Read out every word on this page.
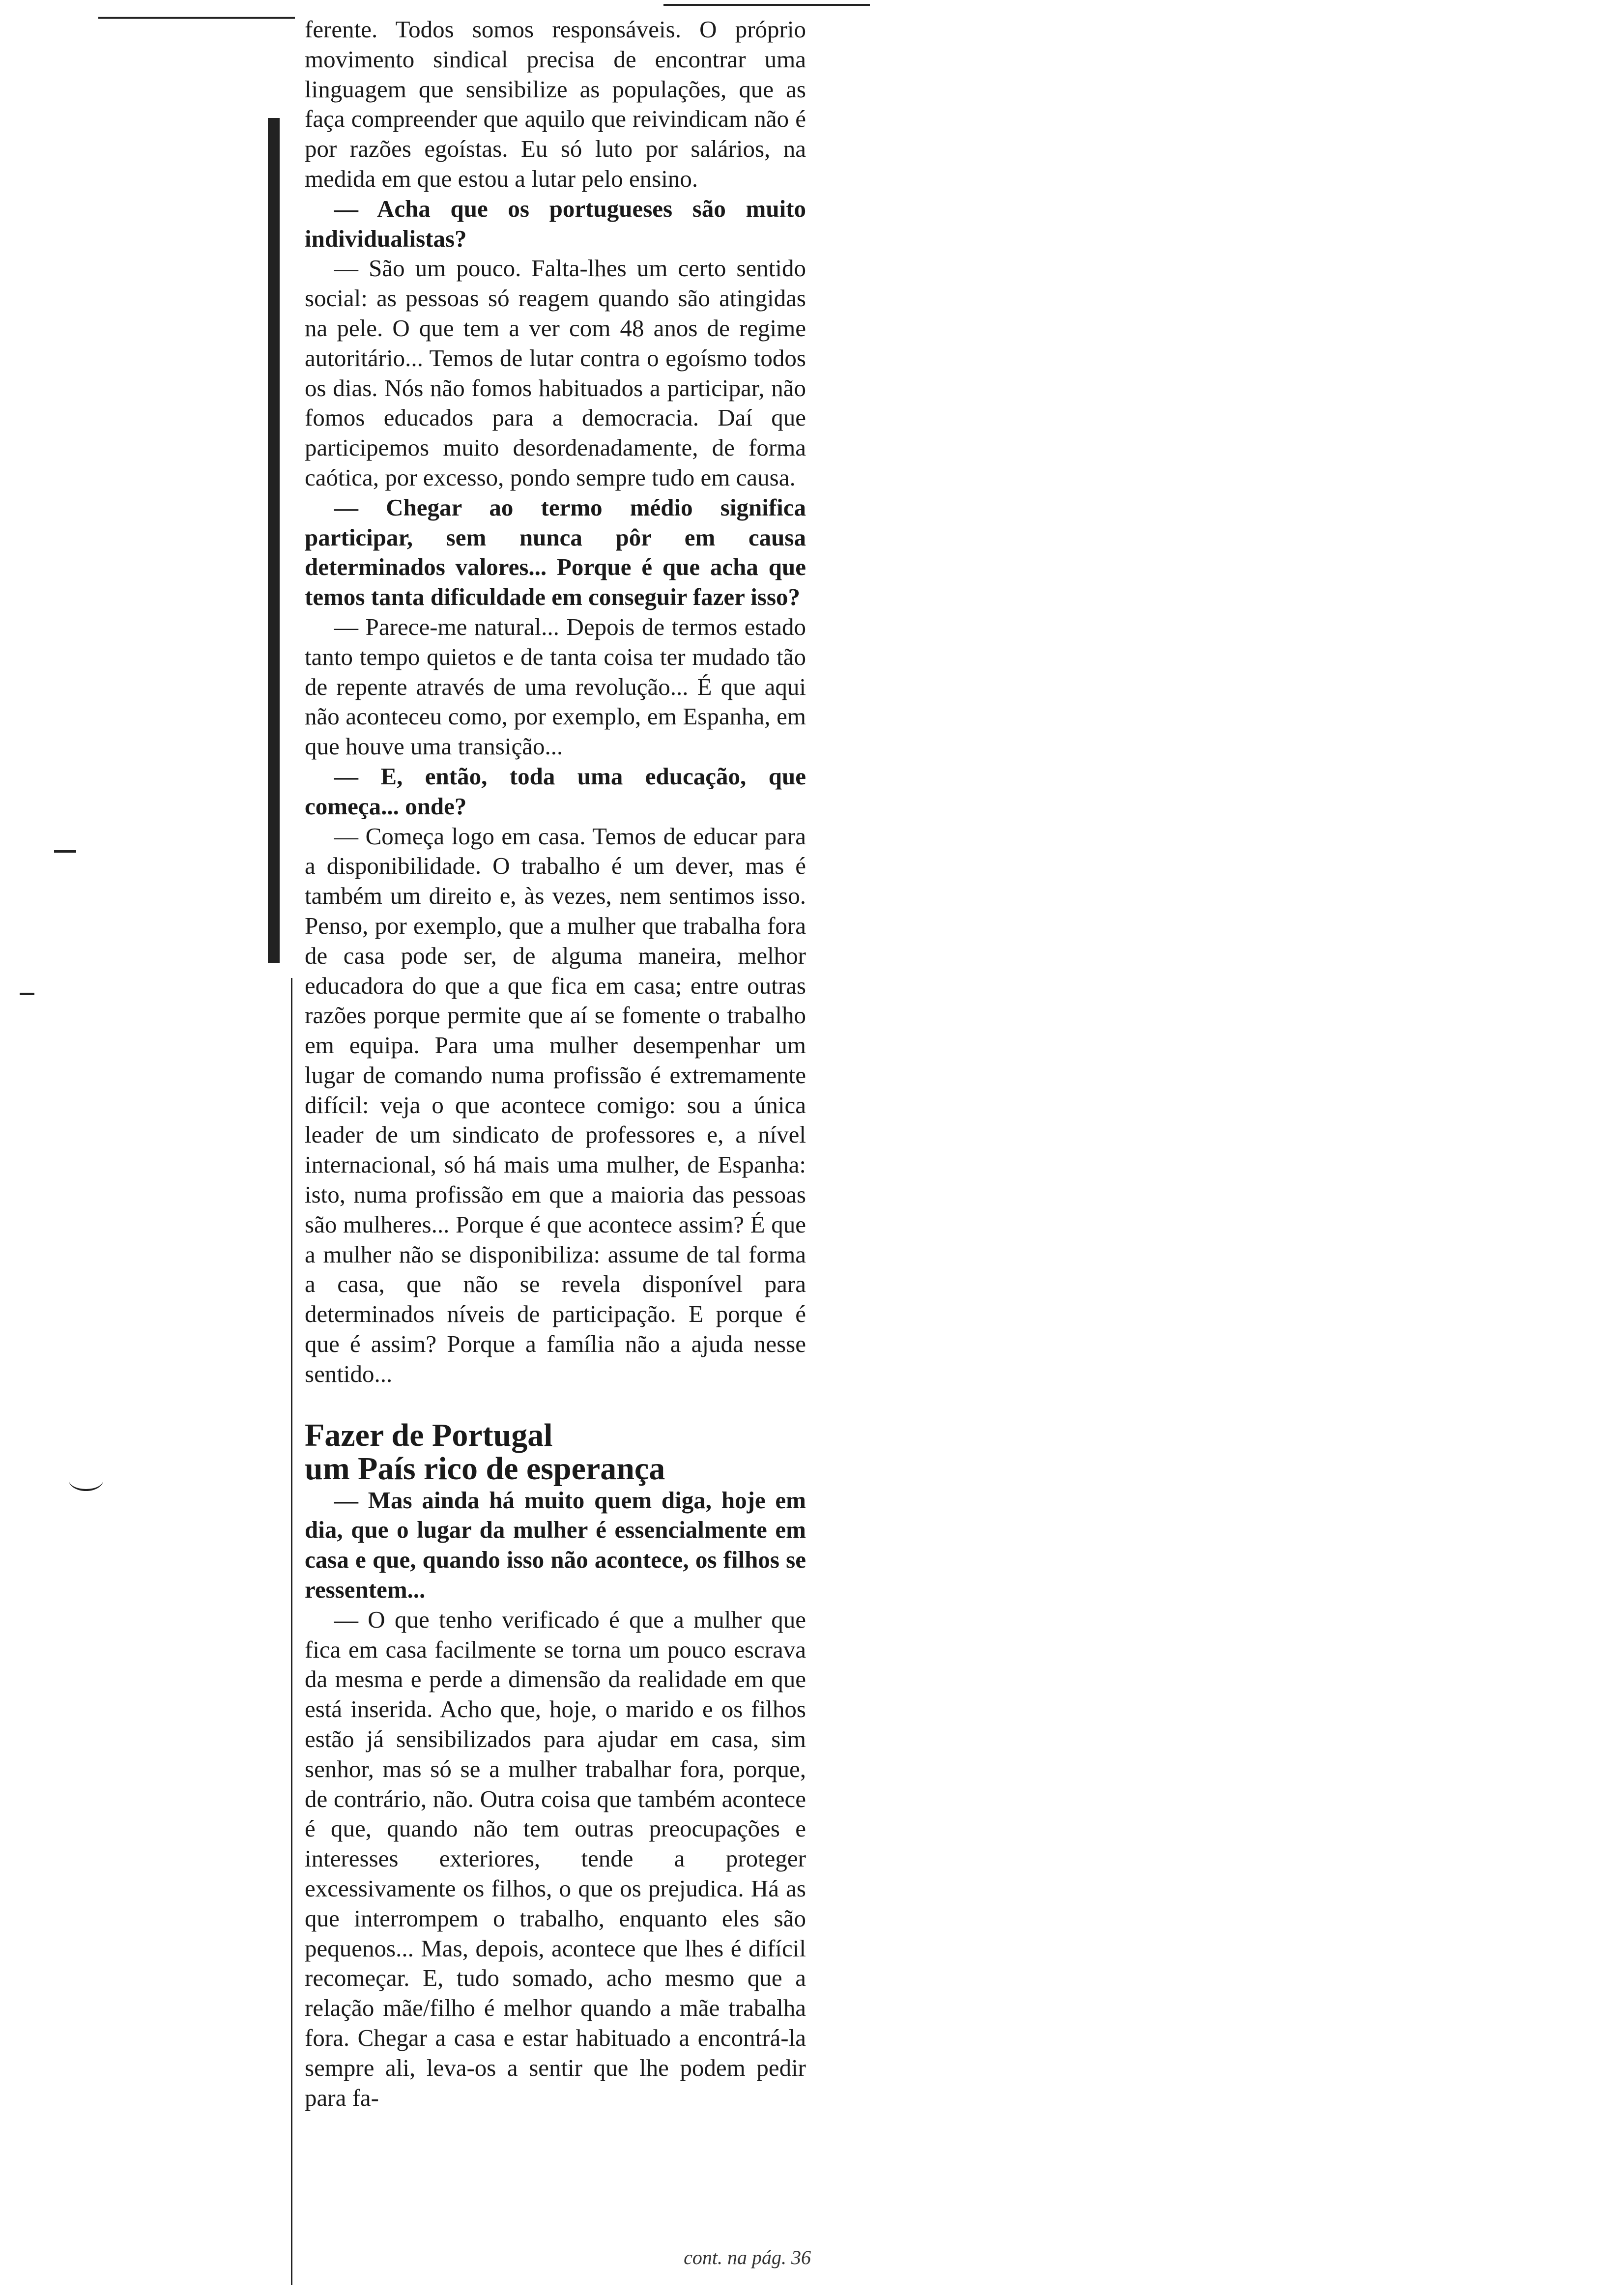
ferente. Todos somos responsáveis. O próprio movimento sindical precisa de encontrar uma linguagem que sensibilize as populações, que as faça compreender que aquilo que reivindicam não é por razões egoístas. Eu só luto por salários, na medida em que estou a lutar pelo ensino.

— Acha que os portugueses são muito individualistas?

— São um pouco. Falta-lhes um certo sentido social: as pessoas só reagem quando são atingidas na pele. O que tem a ver com 48 anos de regime autoritário... Temos de lutar contra o egoísmo todos os dias. Nós não fomos habituados a participar, não fomos educados para a democracia. Daí que participemos muito desordenadamente, de forma caótica, por excesso, pondo sempre tudo em causa.

— Chegar ao termo médio significa participar, sem nunca pôr em causa determinados valores... Porque é que acha que temos tanta dificuldade em conseguir fazer isso?

— Parece-me natural... Depois de termos estado tanto tempo quietos e de tanta coisa ter mudado tão de repente através de uma revolução... É que aqui não aconteceu como, por exemplo, em Espanha, em que houve uma transição...

— E, então, toda uma educação, que começa... onde?

— Começa logo em casa. Temos de educar para a disponibilidade. O trabalho é um dever, mas é também um direito e, às vezes, nem sentimos isso. Penso, por exemplo, que a mulher que trabalha fora de casa pode ser, de alguma maneira, melhor educadora do que a que fica em casa; entre outras razões porque permite que aí se fomente o trabalho em equipa. Para uma mulher desempenhar um lugar de comando numa profissão é extremamente difícil: veja o que acontece comigo: sou a única leader de um sindicato de professores e, a nível internacional, só há mais uma mulher, de Espanha: isto, numa profissão em que a maioria das pessoas são mulheres... Porque é que acontece assim? É que a mulher não se disponibiliza: assume de tal forma a casa, que não se revela disponível para determinados níveis de participação. E porque é que é assim? Porque a família não a ajuda nesse sentido...

Fazer de Portugal
um País rico de esperança

— Mas ainda há muito quem diga, hoje em dia, que o lugar da mulher é essencialmente em casa e que, quando isso não acontece, os filhos se ressentem...

— O que tenho verificado é que a mulher que fica em casa facilmente se torna um pouco escrava da mesma e perde a dimensão da realidade em que está inserida. Acho que, hoje, o marido e os filhos estão já sensibilizados para ajudar em casa, sim senhor, mas só se a mulher trabalhar fora, porque, de contrário, não. Outra coisa que também acontece é que, quando não tem outras preocupações e interesses exteriores, tende a proteger excessivamente os filhos, o que os prejudica. Há as que interrompem o trabalho, enquanto eles são pequenos... Mas, depois, acontece que lhes é difícil recomeçar. E, tudo somado, acho mesmo que a relação mãe/filho é melhor quando a mãe trabalha fora. Chegar a casa e estar habituado a encontrá-la sempre ali, leva-os a sentir que lhe podem pedir para fa-

cont. na pág. 36
